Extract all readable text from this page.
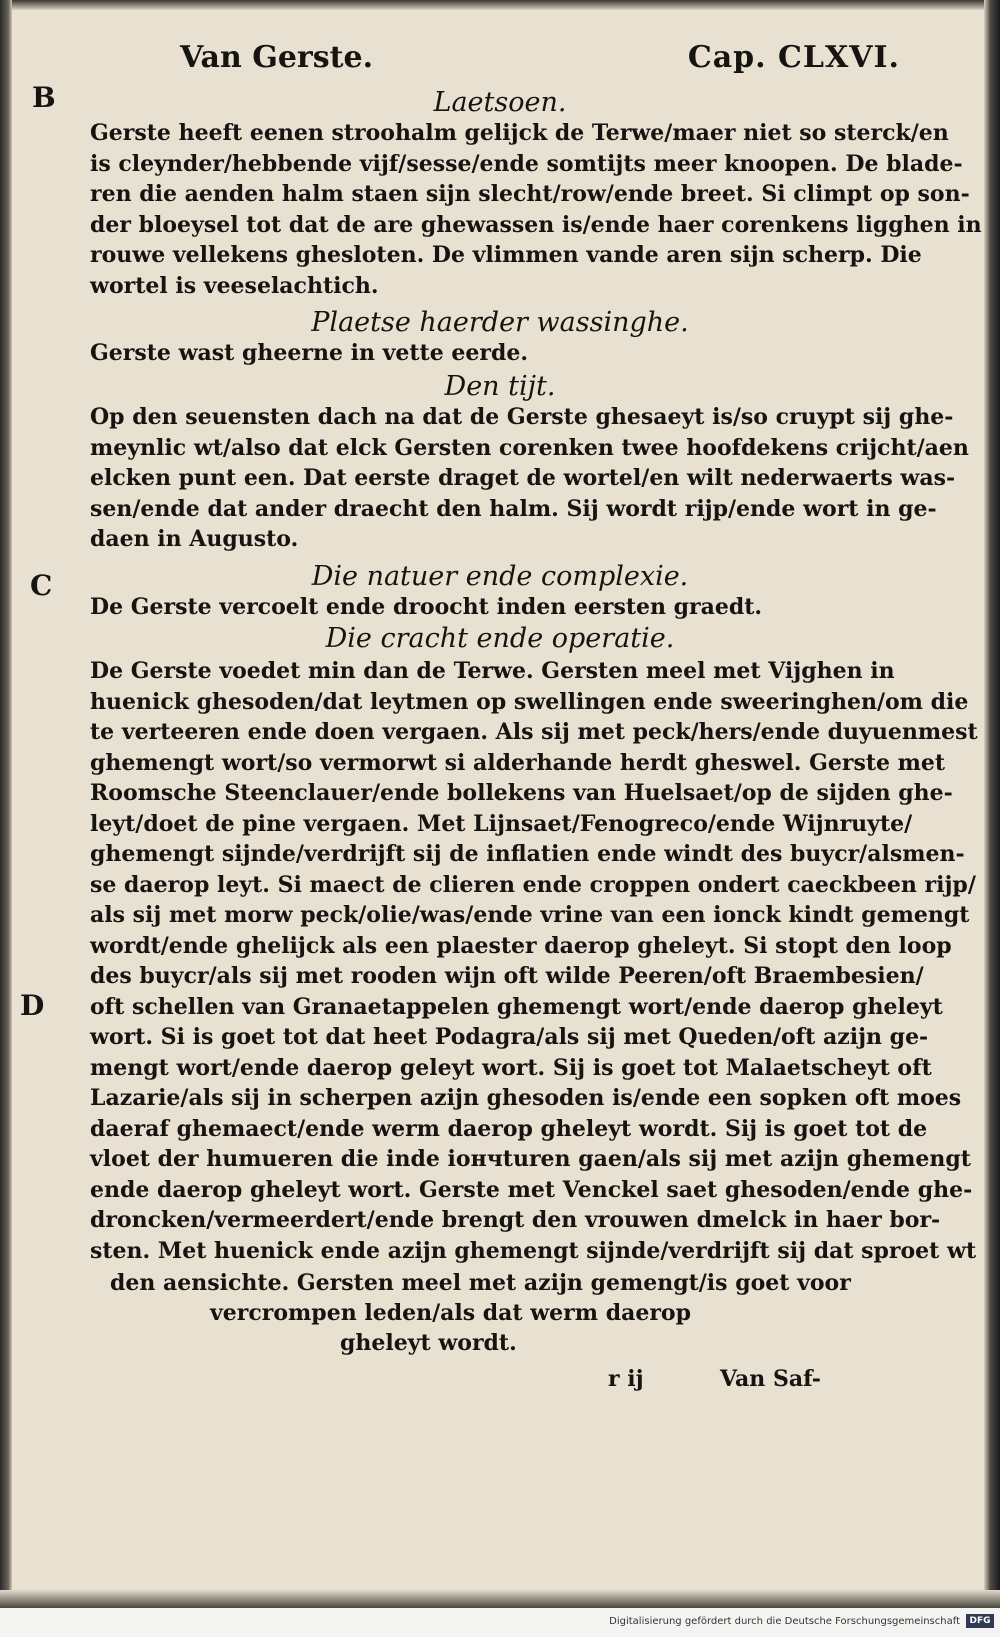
Van Gerste.	Cap. CLXVI.
B
C
D
Laetsoen.
Gerste heeft eenen stroohalm gelijck de Terwe/maer niet so sterck/en
is cleynder/hebbende vijf/sesse/ende somtijts meer knoopen. De blade-
ren die aenden halm staen sijn slecht/row/ende breet. Si climpt op son-
der bloeysel tot dat de are ghewassen is/ende haer corenkens ligghen in
rouwe vellekens ghesloten. De vlimmen vande aren sijn scherp. Die
wortel is veeselachtich.
Plaetse haerder wassinghe.
Gerste wast gheerne in vette eerde.
Den tijt.
Op den seuensten dach na dat de Gerste ghesaeyt is/so cruypt sij ghe-
meynlic wt/also dat elck Gersten corenken twee hoofdekens crijcht/aen
elcken punt een. Dat eerste draget de wortel/en wilt nederwaerts was-
sen/ende dat ander draecht den halm. Sij wordt rijp/ende wort in ge-
daen in Augusto.
Die natuer ende complexie.
De Gerste vercoelt ende droocht inden eersten graedt.
Die cracht ende operatie.
De Gerste voedet min dan de Terwe. Gersten meel met Vijghen in
huenick ghesoden/dat leytmen op swellingen ende sweeringhen/om die
te verteeren ende doen vergaen. Als sij met peck/hers/ende duyuenmest
ghemengt wort/so vermorwt si alderhande herdt gheswel. Gerste met
Roomsche Steenclauer/ende bollekens van Huelsaet/op de sijden ghe-
leyt/doet de pine vergaen. Met Lijnsaet/Fenogreco/ende Wijnruyte/
ghemengt sijnde/verdrijft sij de inflatien ende windt des buycr/alsmen-
se daerop leyt. Si maect de clieren ende croppen ondert caeckbeen rijp/
als sij met morw peck/olie/was/ende vrine van een ionck kindt gemengt
wordt/ende ghelijck als een plaester daerop gheleyt. Si stopt den loop
des buycr/als sij met rooden wijn oft wilde Peeren/oft Braembesien/
oft schellen van Granaetappelen ghemengt wort/ende daerop gheleyt
wort. Si is goet tot dat heet Podagra/als sij met Queden/oft azijn ge-
mengt wort/ende daerop geleyt wort. Sij is goet tot Malaetscheyt oft
Lazarie/als sij in scherpen azijn ghesoden is/ende een sopken oft moes
daeraf ghemaect/ende werm daerop gheleyt wordt. Sij is goet tot de
vloet der humueren die inde iончturen gaen/als sij met azijn ghemengt
ende daerop gheleyt wort. Gerste met Venckel saet ghesoden/ende ghe-
droncken/vermeerdert/ende brengt den vrouwen dmelck in haer bor-
sten. Met huenick ende azijn ghemengt sijnde/verdrijft sij dat sproet wt
den aensichte. Gersten meel met azijn gemengt/is goet voor
vercrompen leden/als dat werm daerop
gheleyt wordt.
r ij	Van Saf-
Digitalisierung gefördert durch die Deutsche Forschungsgemeinschaft	DFG
